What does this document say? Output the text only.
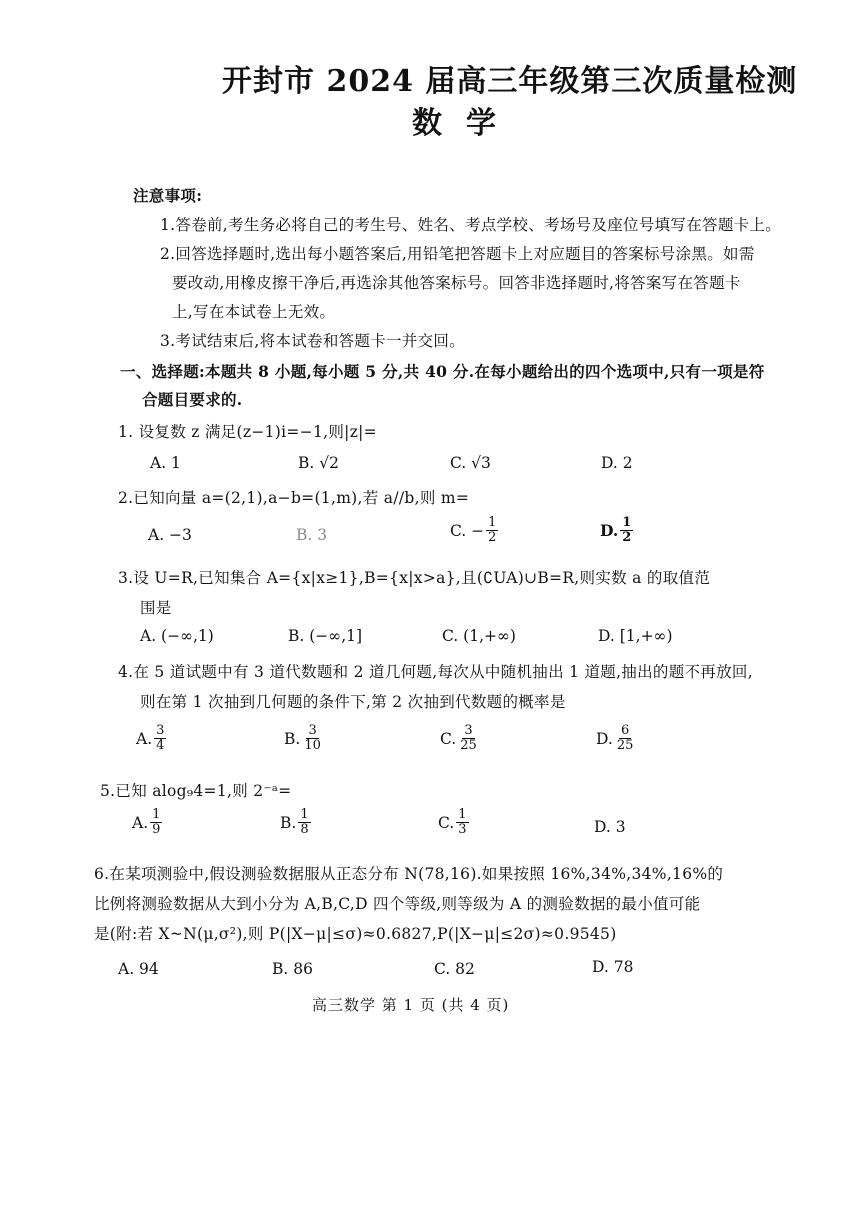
开封市 2024 届高三年级第三次质量检测
数学
注意事项:
1.答卷前,考生务必将自己的考生号、姓名、考点学校、考场号及座位号填写在答题卡上。
2.回答选择题时,选出每小题答案后,用铅笔把答题卡上对应题目的答案标号涂黑。如需
要改动,用橡皮擦干净后,再选涂其他答案标号。回答非选择题时,将答案写在答题卡
上,写在本试卷上无效。
3.考试结束后,将本试卷和答题卡一并交回。
一、选择题:本题共 8 小题,每小题 5 分,共 40 分.在每小题给出的四个选项中,只有一项是符
合题目要求的.
1. 设复数 z 满足(z−1)i=−1,则|z|=
A. 1	B. √2	C. √3	D. 2
2.已知向量 a=(2,1),a−b=(1,m),若 a//b,则 m=
A. −3	B. 3	C. − $\frac{1}{2}$	D. $\frac{1}{2}$
3.设 U=R,已知集合 A={x|x≥1},B={x|x>a},且(∁UA)∪B=R,则实数 a 的取值范
围是
A. (−∞,1)	B. (−∞,1]	C. (1,+∞)	D. [1,+∞)
4.在 5 道试题中有 3 道代数题和 2 道几何题,每次从中随机抽出 1 道题,抽出的题不再放回,
则在第 1 次抽到几何题的条件下,第 2 次抽到代数题的概率是
A. $\frac{3}{4}$	B. $\frac{3}{10}$	C. $\frac{3}{25}$	D. $\frac{6}{25}$
5.已知 alog₉4=1,则 2⁻ᵃ=
A. $\frac{1}{9}$	B. $\frac{1}{8}$	C. $\frac{1}{3}$	D. 3
6.在某项测验中,假设测验数据服从正态分布 N(78,16).如果按照 16%,34%,34%,16%的
比例将测验数据从大到小分为 A,B,C,D 四个等级,则等级为 A 的测验数据的最小值可能
是(附:若 X~N(μ,σ²),则 P(|X−μ|≤σ)≈0.6827,P(|X−μ|≤2σ)≈0.9545)
A. 94	B. 86	C. 82	D. 78
高三数学 第 1 页 (共 4 页)
